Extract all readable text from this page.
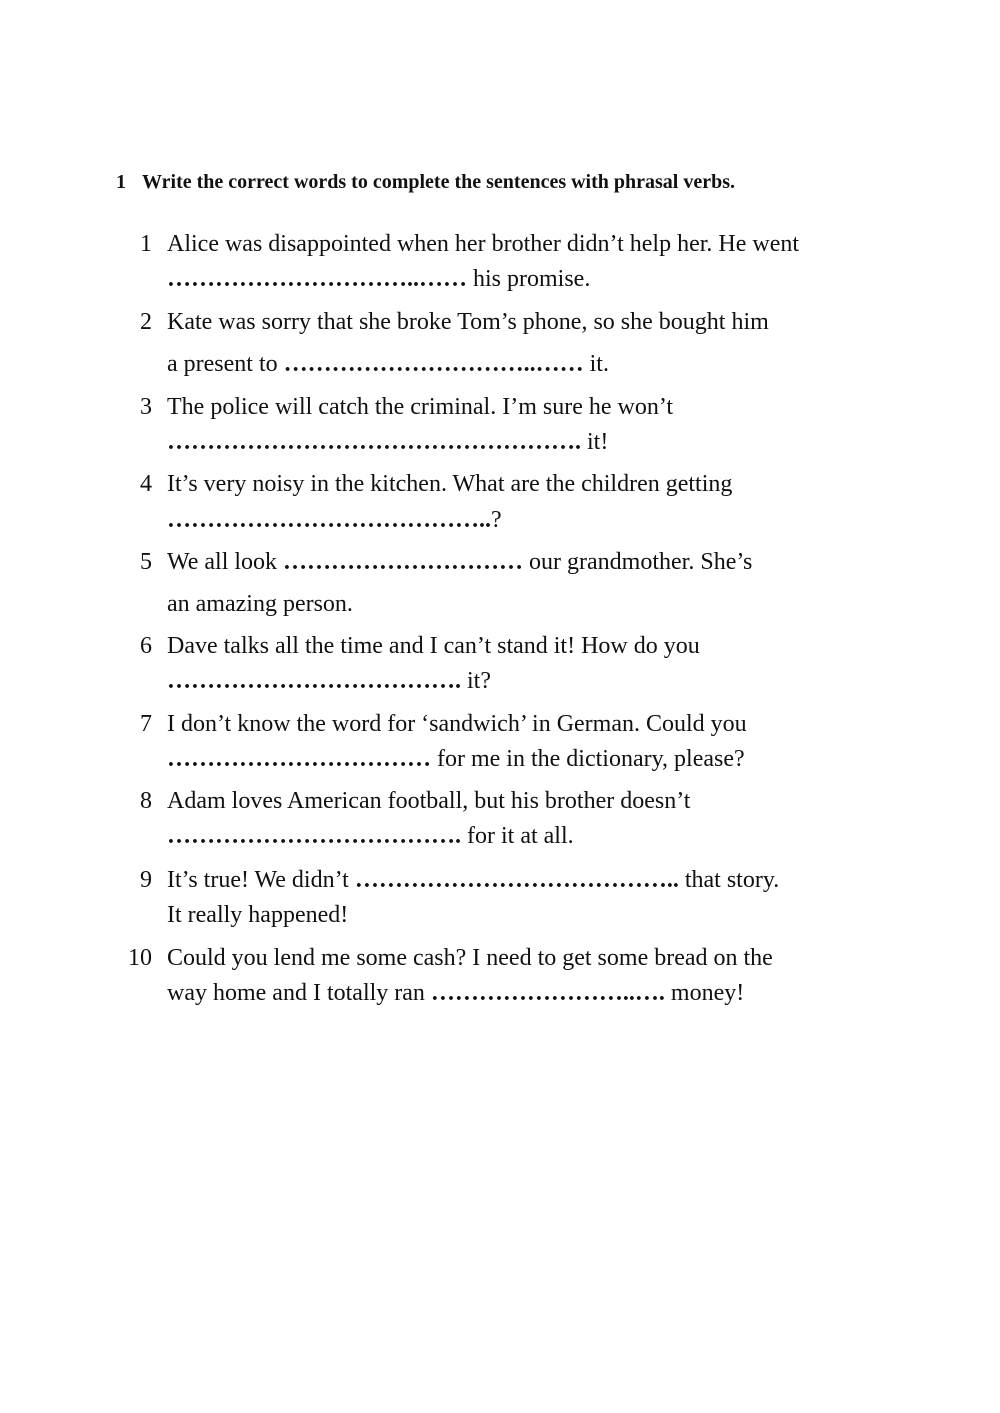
1 Write the correct words to complete the sentences with phrasal verbs.
1 Alice was disappointed when her brother didn’t help her. He went
…………………………..…… his promise.
2 Kate was sorry that she broke Tom’s phone, so she bought him
a present to …………………………..…… it.
3 The police will catch the criminal. I’m sure he won’t
……………………………………………. it!
4 It’s very noisy in the kitchen. What are the children getting
…………………………………..?
5 We all look ………………………… our grandmother. She’s
an amazing person.
6 Dave talks all the time and I can’t stand it! How do you
………………………………. it?
7 I don’t know the word for ‘sandwich’ in German. Could you
…………………………… for me in the dictionary, please?
8 Adam loves American football, but his brother doesn’t
………………………………. for it at all.
9 It’s true! We didn’t ………………………………….. that story.
It really happened!
10 Could you lend me some cash? I need to get some bread on the
way home and I totally ran ……………………..…. money!
